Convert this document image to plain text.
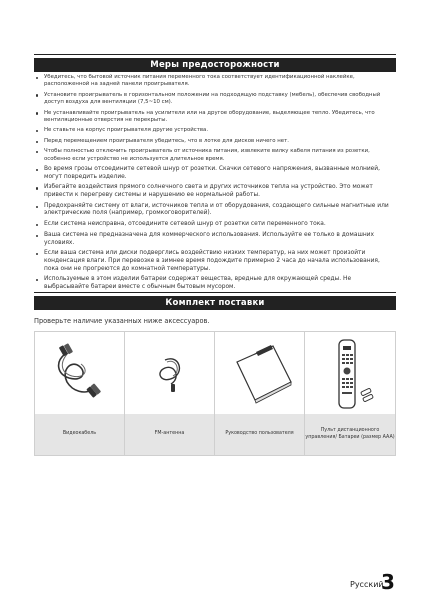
Меры предосторожности
Убедитесь, что бытовой источник питания переменного тока соответствует идентификационной наклейке, расположенной на задней панели проигрывателя.
Установите проигрыватель в горизонтальном положении на подходящую подставку (мебель), обеспечив свободный доступ воздуха для вентиляции (7,5~10 см).
Не устанавливайте проигрыватель на усилители или на другое оборудование, выделяющее тепло. Убедитесь, что вентиляционные отверстия не перекрыты.
Не ставьте на корпус проигрывателя другие устройства.
Перед перемещением проигрывателя убедитесь, что в лотке для дисков ничего нет.
Чтобы полностью отключить проигрыватель от источника питания, извлеките вилку кабеля питания из розетки, особенно если устройство не используется длительное время.
Во время грозы отсоедините сетевой шнур от розетки. Скачки сетевого напряжения, вызванные молнией, могут повредить изделие.
Избегайте воздействия прямого солнечного света и других источников тепла на устройство. Это может привести к перегреву системы и нарушению ее нормальной работы.
Предохраняйте систему от влаги, источников тепла и от оборудования, создающего сильные магнитные или электрические поля (например, громкоговорителей).
Если система неисправна, отсоедините сетевой шнур от розетки сети переменного тока.
Ваша система не предназначена для коммерческого использования. Используйте ее только в домашних условиях.
Если ваша система или диски подверглись воздействию низких температур, на них может произойти конденсация влаги. При перевозке в зимнее время подождите примерно 2 часа до начала использования, пока они не прогреются до комнатной температуры.
Используемые в этом изделии батареи содержат вещества, вредные для окружающей среды. Не выбрасывайте батареи вместе с обычным бытовым мусором.
Комплект поставки
Проверьте наличие указанных ниже аксессуаров.
Видеокабель	FM-антенна	Руководство пользователя
Пульт дистанционного управления/ Батареи (размер AAA)
Русский
3
